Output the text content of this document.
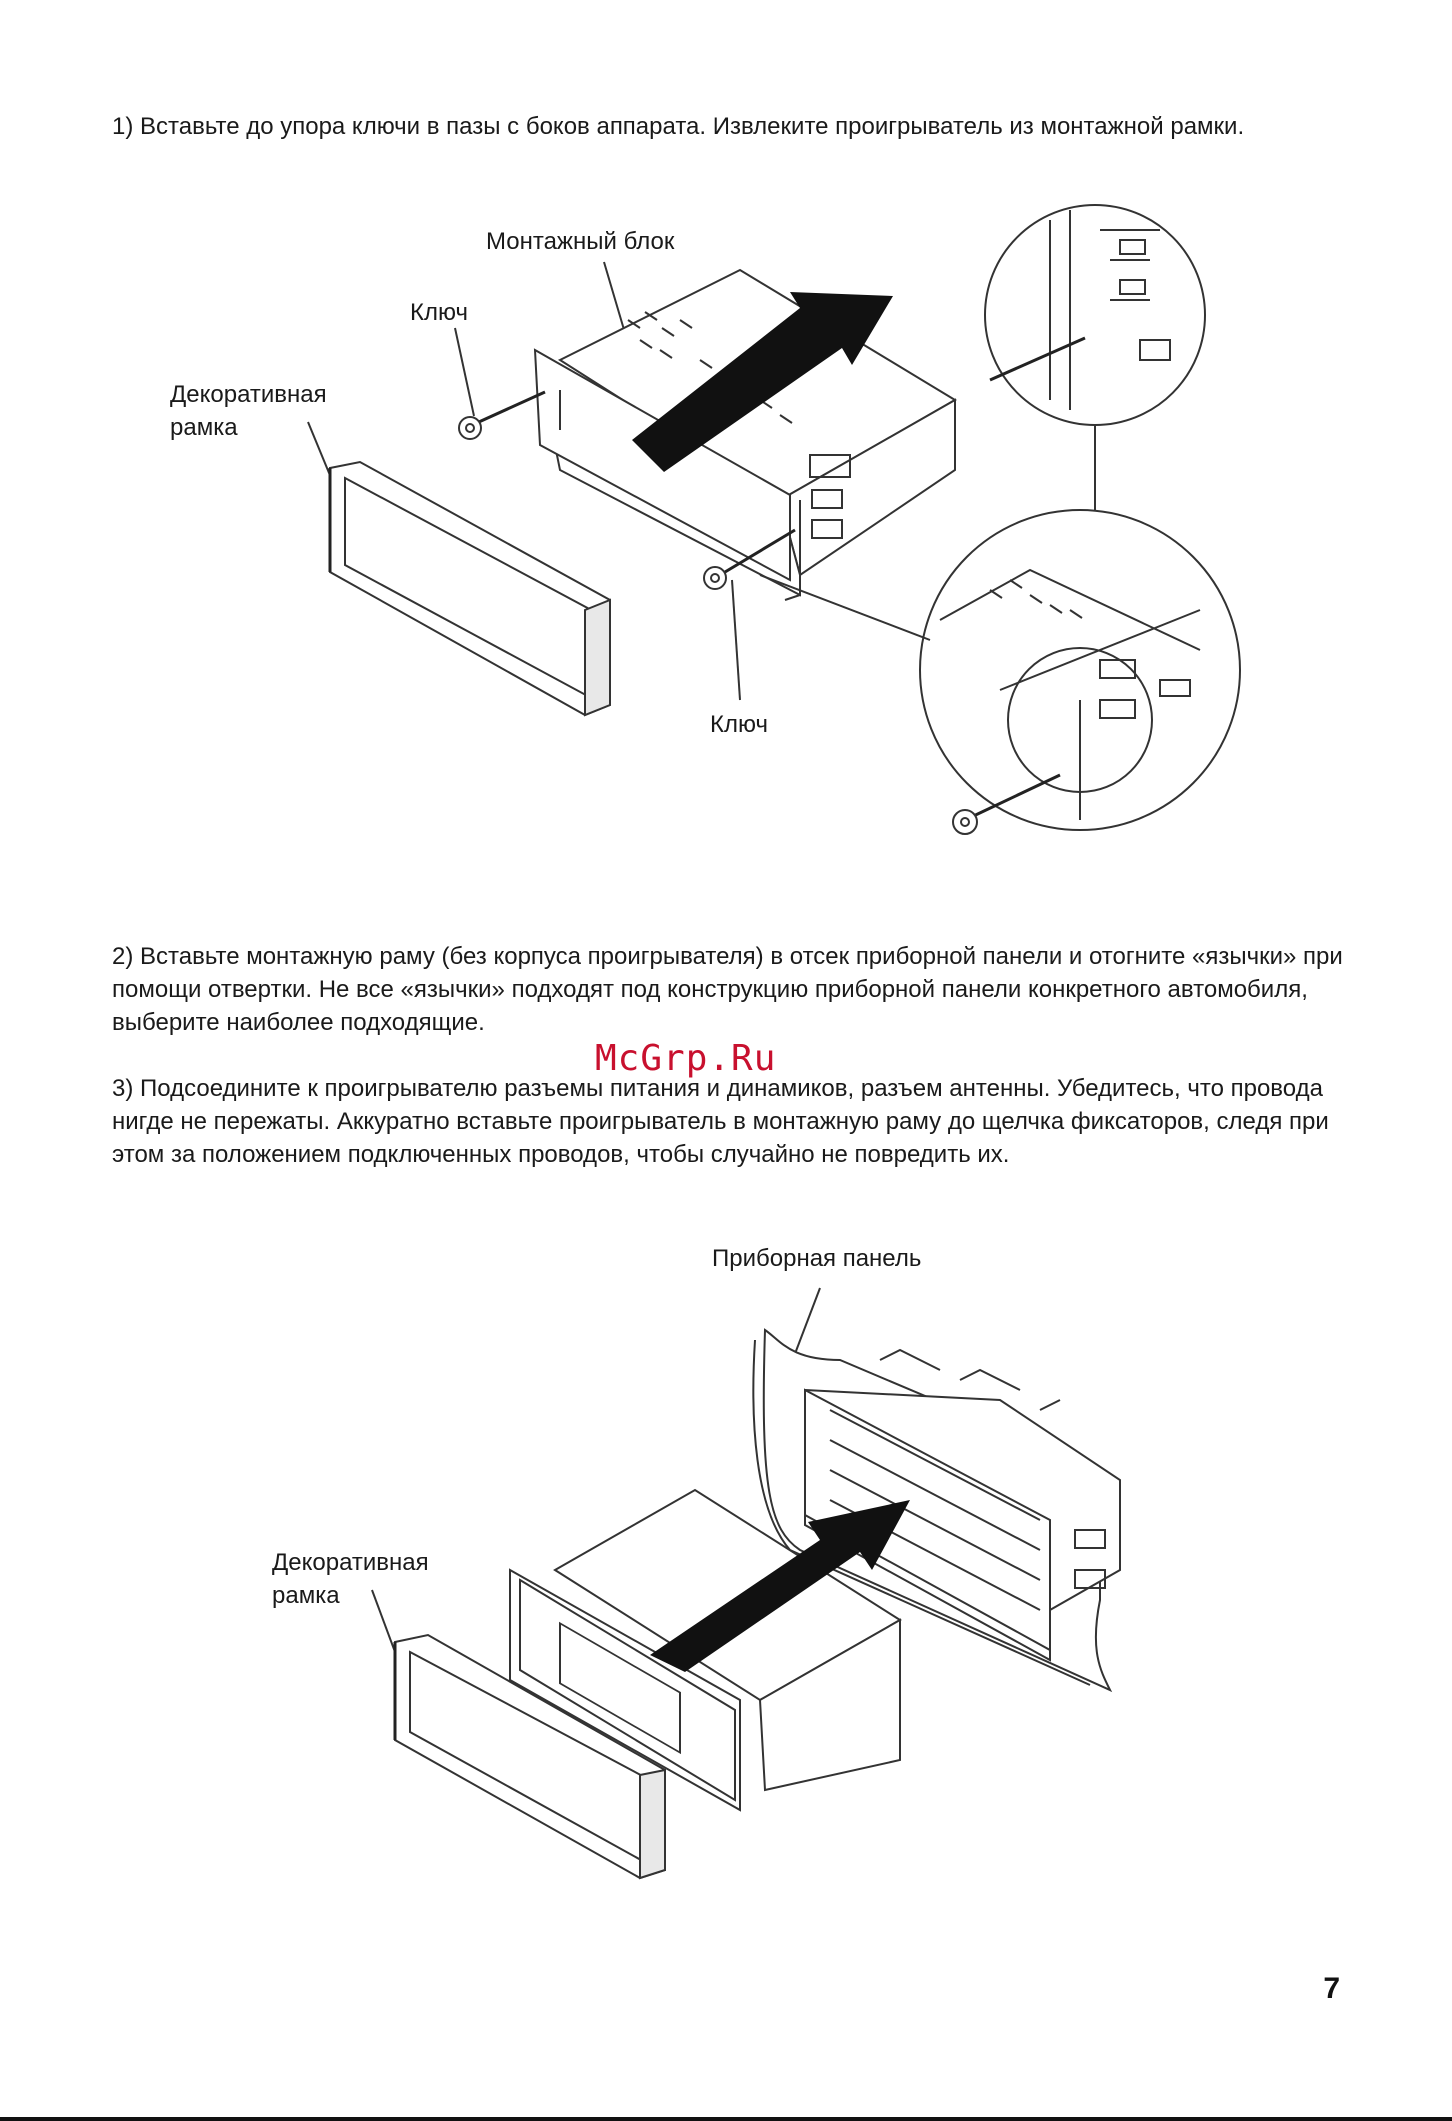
1) Вставьте до упора ключи в пазы с боков аппарата. Извлеките проигрыватель из монтажной рамки.

Монтажный блок
Ключ
Декоративная рамка
Ключ

2) Вставьте монтажную раму (без корпуса проигрывателя) в отсек приборной панели и отогните «язычки» при помощи отвертки. Не все «язычки» подходят под конструкцию приборной панели конкретного автомобиля, выберите наиболее подходящие.

McGrp.Ru

3) Подсоедините к проигрывателю разъемы питания и динамиков, разъем антенны. Убедитесь, что провода нигде не пережаты. Аккуратно вставьте проигрыватель в монтажную раму до щелчка фиксаторов, следя при этом за положением подключенных проводов, чтобы случайно не повредить их.

Приборная панель
Декоративная рамка
7
